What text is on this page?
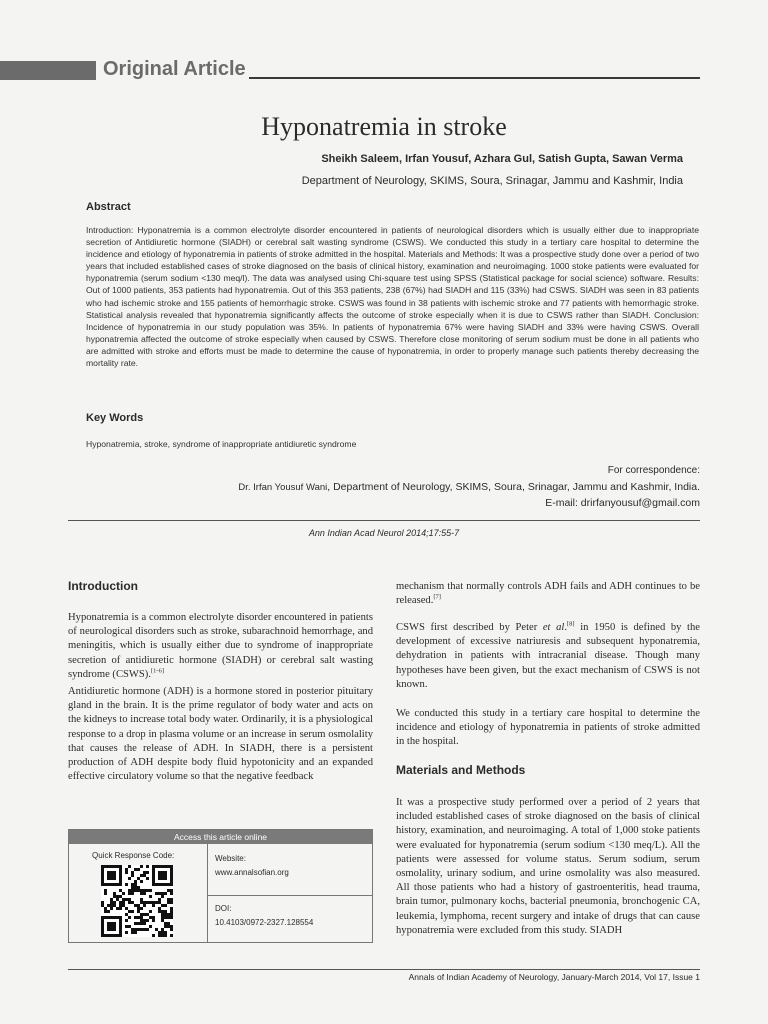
Original Article
Hyponatremia in stroke
Sheikh Saleem, Irfan Yousuf, Azhara Gul, Satish Gupta, Sawan Verma
Department of Neurology, SKIMS, Soura, Srinagar, Jammu and Kashmir, India
Abstract
Introduction: Hyponatremia is a common electrolyte disorder encountered in patients of neurological disorders which is usually either due to inappropriate secretion of Antidiuretic hormone (SIADH) or cerebral salt wasting syndrome (CSWS). We conducted this study in a tertiary care hospital to determine the incidence and etiology of hyponatremia in patients of stroke admitted in the hospital. Materials and Methods: It was a prospective study done over a period of two years that included established cases of stroke diagnosed on the basis of clinical history, examination and neuroimaging. 1000 stoke patients were evaluated for hyponatremia (serum sodium <130 meq/l). The data was analysed using Chi-square test using SPSS (Statistical package for social science) software. Results: Out of 1000 patients, 353 patients had hyponatremia. Out of this 353 patients, 238 (67%) had SIADH and 115 (33%) had CSWS. SIADH was seen in 83 patients who had ischemic stroke and 155 patients of hemorrhagic stroke. CSWS was found in 38 patients with ischemic stroke and 77 patients with hemorrhagic stroke. Statistical analysis revealed that hyponatremia significantly affects the outcome of stroke especially when it is due to CSWS rather than SIADH. Conclusion: Incidence of hyponatremia in our study population was 35%. In patients of hyponatremia 67% were having SIADH and 33% were having CSWS. Overall hyponatremia affected the outcome of stroke especially when caused by CSWS. Therefore close monitoring of serum sodium must be done in all patients who are admitted with stroke and efforts must be made to determine the cause of hyponatremia, in order to properly manage such patients thereby decreasing the mortality rate.
Key Words
Hyponatremia, stroke, syndrome of inappropriate antidiuretic syndrome
For correspondence:
Dr. Irfan Yousuf Wani, Department of Neurology, SKIMS, Soura, Srinagar, Jammu and Kashmir, India.
E-mail: drirfanyousuf@gmail.com
Ann Indian Acad Neurol 2014;17:55-7
Introduction
Hyponatremia is a common electrolyte disorder encountered in patients of neurological disorders such as stroke, subarachnoid hemorrhage, and meningitis, which is usually either due to syndrome of inappropriate secretion of antidiuretic hormone (SIADH) or cerebral salt wasting syndrome (CSWS).[1-6]
Antidiuretic hormone (ADH) is a hormone stored in posterior pituitary gland in the brain. It is the prime regulator of body water and acts on the kidneys to increase total body water. Ordinarily, it is a physiological response to a drop in plasma volume or an increase in serum osmolality that causes the release of ADH. In SIADH, there is a persistent production of ADH despite body fluid hypotonicity and an expanded effective circulatory volume so that the negative feedback
mechanism that normally controls ADH fails and ADH continues to be released.[7]
CSWS first described by Peter et al.[8] in 1950 is defined by the development of excessive natriuresis and subsequent hyponatremia, dehydration in patients with intracranial disease. Though many hypotheses have been given, but the exact mechanism of CSWS is not known.
We conducted this study in a tertiary care hospital to determine the incidence and etiology of hyponatremia in patients of stroke admitted in the hospital.
Materials and Methods
It was a prospective study performed over a period of 2 years that included established cases of stroke diagnosed on the basis of clinical history, examination, and neuroimaging. A total of 1,000 stoke patients were evaluated for hyponatremia (serum sodium <130 meq/L). All the patients were assessed for volume status. Serum sodium, serum osmolality, urinary sodium, and urine osmolality was also measured. All those patients who had a history of gastroenteritis, head trauma, brain tumor, pulmonary kochs, bacterial pneumonia, bronchogenic CA, leukemia, lymphoma, recent surgery and intake of drugs that can cause hyponatremia were excluded from this study. SIADH
Access this article online
Quick Response Code:	Website:
www.annalsofian.org
DOI:
10.4103/0972-2327.128554
Annals of Indian Academy of Neurology, January-March 2014, Vol 17, Issue 1
